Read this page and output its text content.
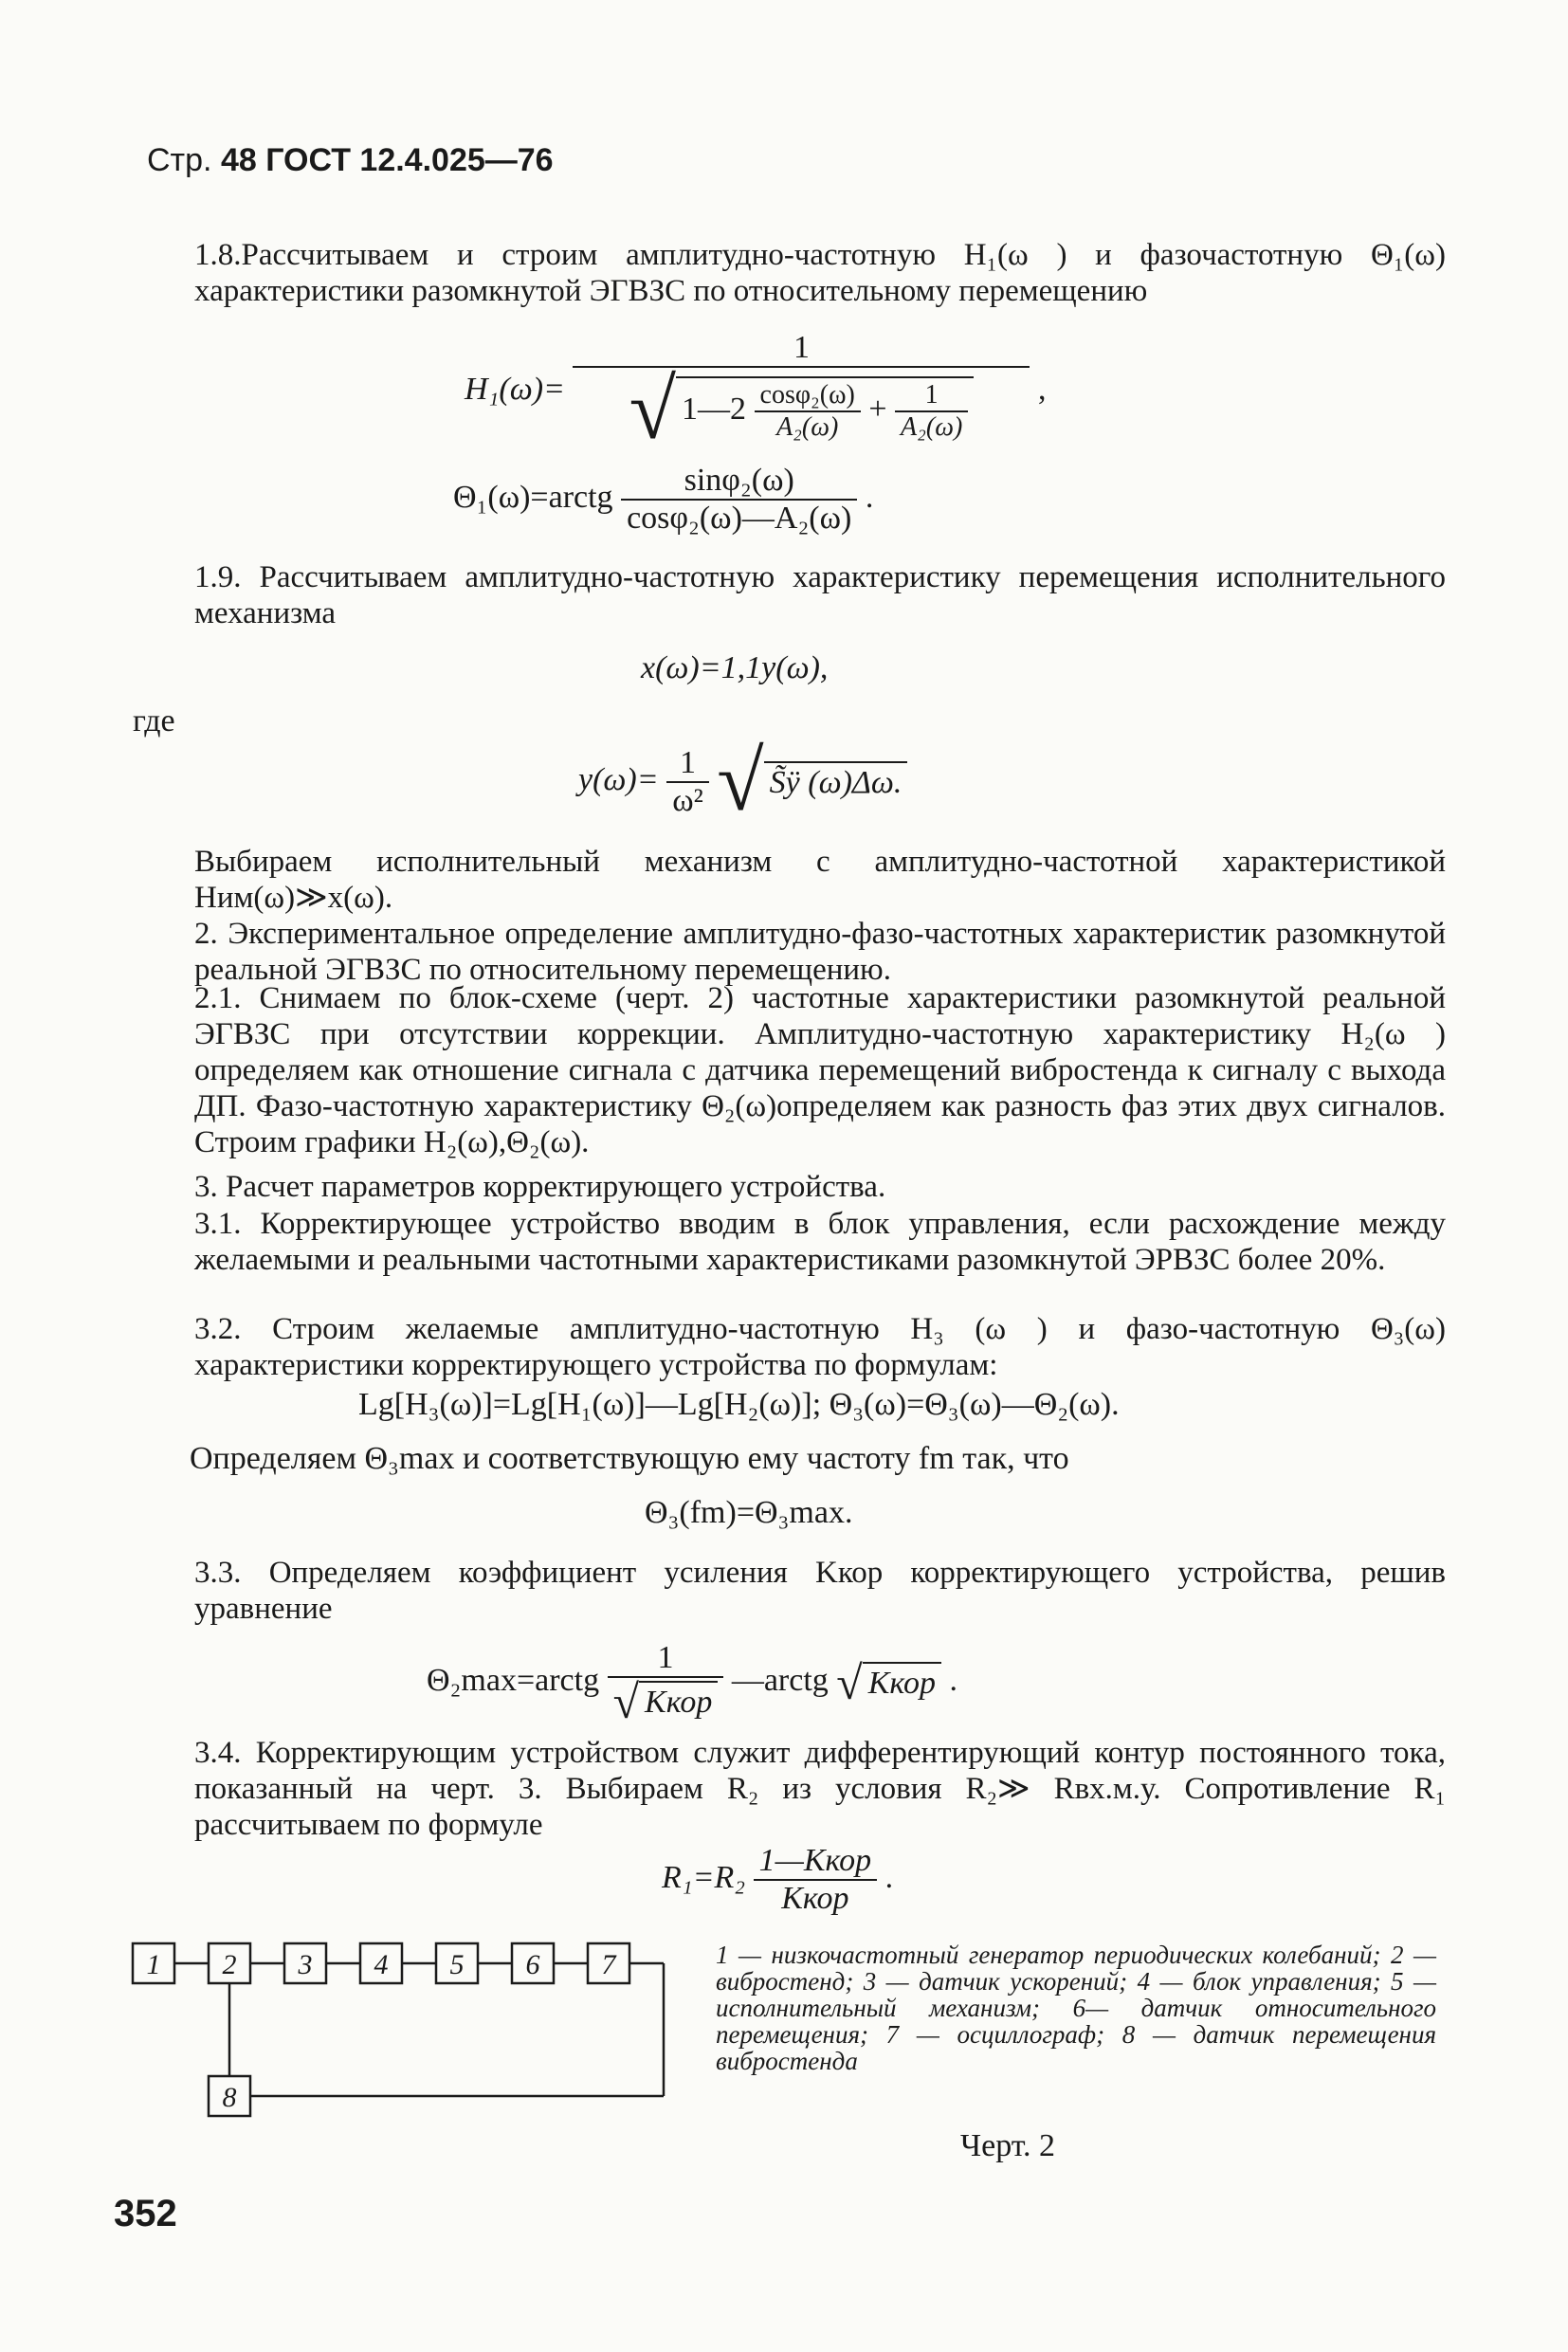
Стр. 48 ГОСТ 12.4.025—76
1.8.Рассчитываем и строим амплитудно-частотную H₁(ω ) и фазочастотную Θ₁(ω) характеристики разомкнутой ЭГВЗС по относительному перемещению
H₁(ω)=
1
√ 1—2 $\frac{\text{cosφ₂(ω)}}{\text{A₂(ω)}} + \frac{1}{\text{A₂(ω)}}$ ,
Θ₁(ω)=arctg $\frac{\text{sinφ₂(ω)}}{\text{cosφ₂(ω)—A₂(ω)}}$ .
1.9. Рассчитываем амплитудно-частотную характеристику перемещения исполнительного механизма
x(ω)=1,1y(ω),
где
$y(\omega)= \frac{1}{\text{ω²}}$ √ S̃ÿ (ω)Δω.
Выбираем исполнительный механизм с амплитудно-частотной характеристикой Hим(ω)≫x(ω).
2. Экспериментальное определение амплитудно-фазо-частотных характеристик разомкнутой реальной ЭГВЗС по относительному перемещению.
2.1. Снимаем по блок-схеме (черт. 2) частотные характеристики разомкнутой реальной ЭГВЗС при отсутствии коррекции. Амплитудно-частотную характеристику H₂(ω ) определяем как отношение сигнала с датчика перемещений вибростенда к сигналу с выхода ДП. Фазо-частотную характеристику Θ₂(ω)определяем как разность фаз этих двух сигналов. Строим графики H₂(ω),Θ₂(ω).
3. Расчет параметров корректирующего устройства.
3.1. Корректирующее устройство вводим в блок управления, если расхождение между желаемыми и реальными частотными характеристиками разомкнутой ЭРВЗС более 20%.
3.2. Строим желаемые амплитудно-частотную H₃ (ω ) и фазо-частотную Θ₃(ω) характеристики корректирующего устройства по формулам:
Lg[H₃(ω)]=Lg[H₁(ω)]—Lg[H₂(ω)]; Θ₃(ω)=Θ₃(ω)—Θ₂(ω).
Определяем Θ₃max и соответствующую ему частоту fm так, что
Θ₃(fm)=Θ₃max.
3.3. Определяем коэффициент усиления Kкор корректирующего устройства, решив уравнение
Θ₂max=arctg $\frac{1}{\text{√ Kкор}}$ —arctg √ Kкор .
3.4. Корректирующим устройством служит дифферентирующий контур постоянного тока, показанный на черт. 3. Выбираем R₂ из условия R₂≫ Rвх.м.у. Сопротивление R₁ рассчитываем по формуле
$R_1=R_2 \frac{\text{1—Kкор}}{\text{Kкор}}$ .
1 2 3 4 5 6 7
8
1 — низкочастотный генератор периодических колебаний; 2 — вибростенд; 3 — датчик ускорений; 4 — блок управления; 5 — исполнительный механизм; 6— датчик относительного перемещения; 7 — осциллограф; 8 — датчик перемещения вибростенда
Черт. 2
352
